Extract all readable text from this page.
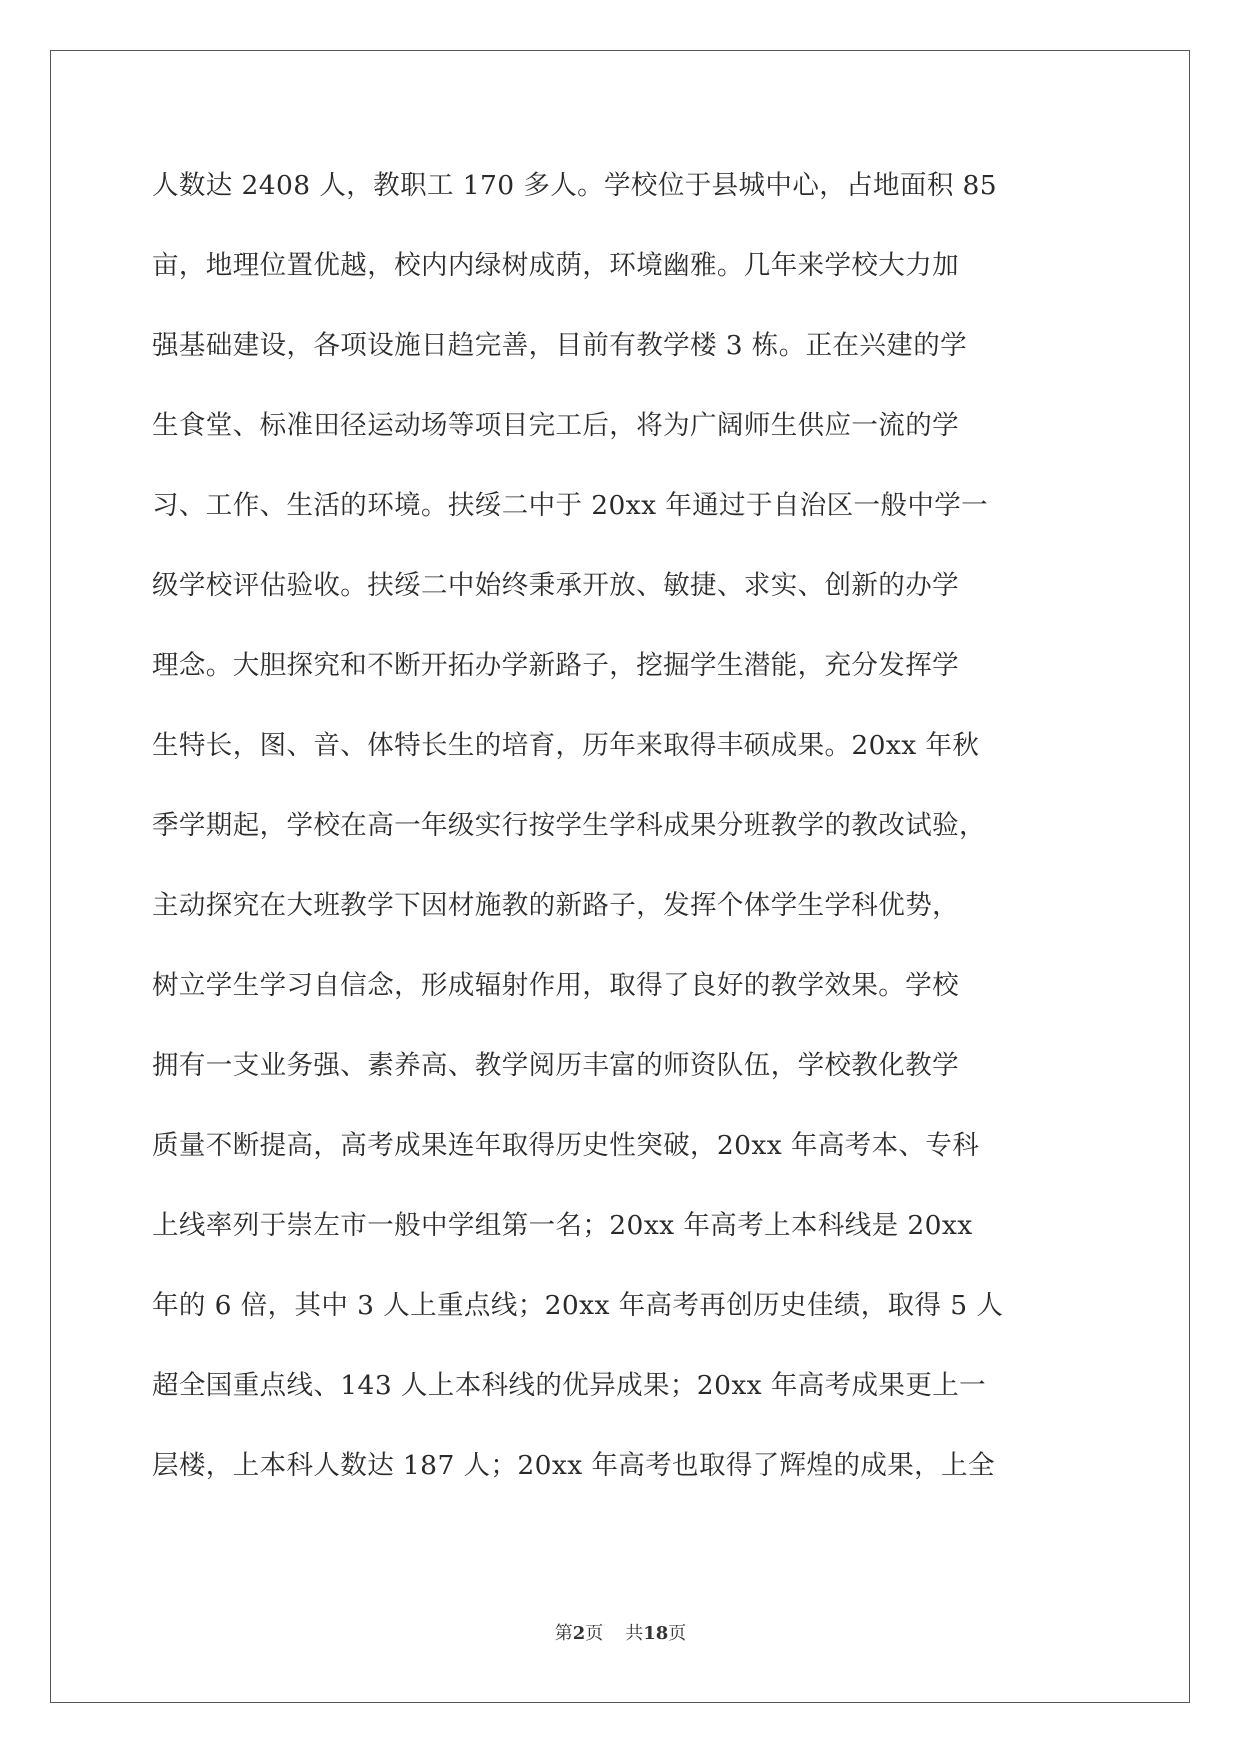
人数达 2408 人，教职工 170 多人。学校位于县城中心，占地面积 85
亩，地理位置优越，校内内绿树成荫，环境幽雅。几年来学校大力加
强基础建设，各项设施日趋完善，目前有教学楼 3 栋。正在兴建的学
生食堂、标准田径运动场等项目完工后，将为广阔师生供应一流的学
习、工作、生活的环境。扶绥二中于 20xx 年通过于自治区一般中学一
级学校评估验收。扶绥二中始终秉承开放、敏捷、求实、创新的办学
理念。大胆探究和不断开拓办学新路子，挖掘学生潜能，充分发挥学
生特长，图、音、体特长生的培育，历年来取得丰硕成果。20xx 年秋
季学期起，学校在高一年级实行按学生学科成果分班教学的教改试验，
主动探究在大班教学下因材施教的新路子，发挥个体学生学科优势，
树立学生学习自信念，形成辐射作用，取得了良好的教学效果。学校
拥有一支业务强、素养高、教学阅历丰富的师资队伍，学校教化教学
质量不断提高，高考成果连年取得历史性突破，20xx 年高考本、专科
上线率列于崇左市一般中学组第一名；20xx 年高考上本科线是 20xx
年的 6 倍，其中 3 人上重点线；20xx 年高考再创历史佳绩，取得 5 人
超全国重点线、143 人上本科线的优异成果；20xx 年高考成果更上一
层楼，上本科人数达 187 人；20xx 年高考也取得了辉煌的成果，上全
第2页 共18页
